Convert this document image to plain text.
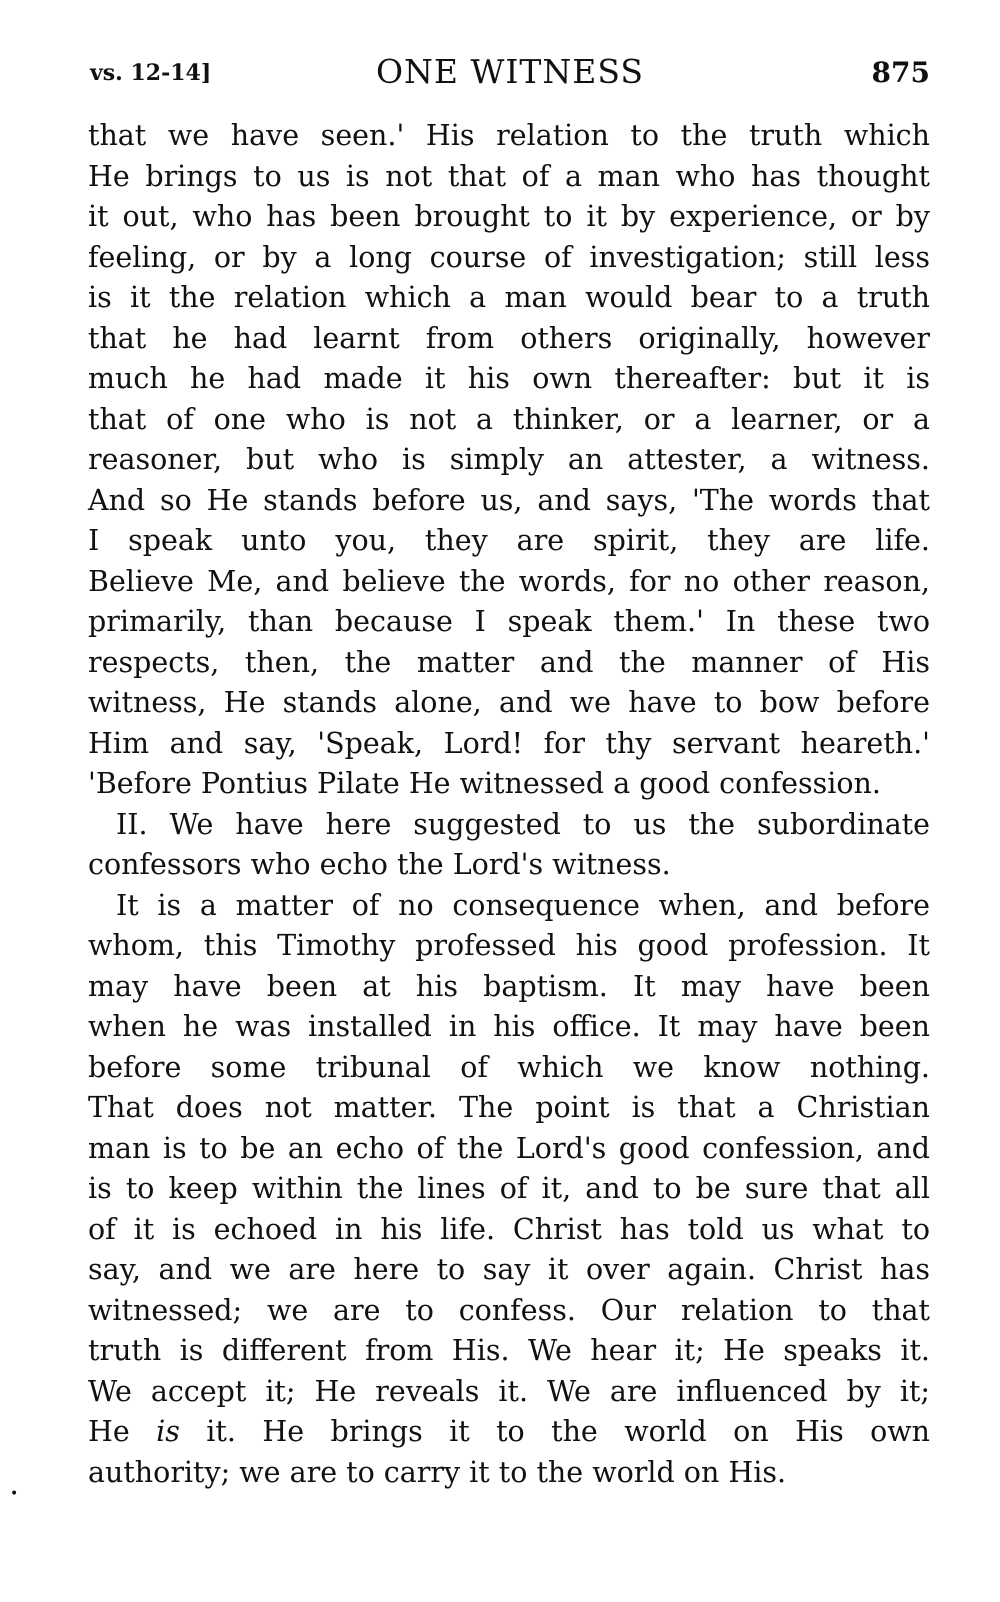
vs. 12-14]	ONE WITNESS	875
that we have seen.' His relation to the truth which
He brings to us is not that of a man who has thought
it out, who has been brought to it by experience, or by
feeling, or by a long course of investigation; still less
is it the relation which a man would bear to a truth
that he had learnt from others originally, however
much he had made it his own thereafter: but it is
that of one who is not a thinker, or a learner, or a
reasoner, but who is simply an attester, a witness.
And so He stands before us, and says, 'The words that
I speak unto you, they are spirit, they are life.
Believe Me, and believe the words, for no other reason,
primarily, than because I speak them.' In these two
respects, then, the matter and the manner of His
witness, He stands alone, and we have to bow before
Him and say, 'Speak, Lord! for thy servant heareth.'
'Before Pontius Pilate He witnessed a good confession.
II. We have here suggested to us the subordinate
confessors who echo the Lord's witness.
It is a matter of no consequence when, and before
whom, this Timothy professed his good profession. It
may have been at his baptism. It may have been
when he was installed in his office. It may have been
before some tribunal of which we know nothing.
That does not matter. The point is that a Christian
man is to be an echo of the Lord's good confession, and
is to keep within the lines of it, and to be sure that all
of it is echoed in his life. Christ has told us what to
say, and we are here to say it over again. Christ has
witnessed; we are to confess. Our relation to that
truth is different from His. We hear it; He speaks it.
We accept it; He reveals it. We are influenced by it;
He is it. He brings it to the world on His own
authority; we are to carry it to the world on His.
•
